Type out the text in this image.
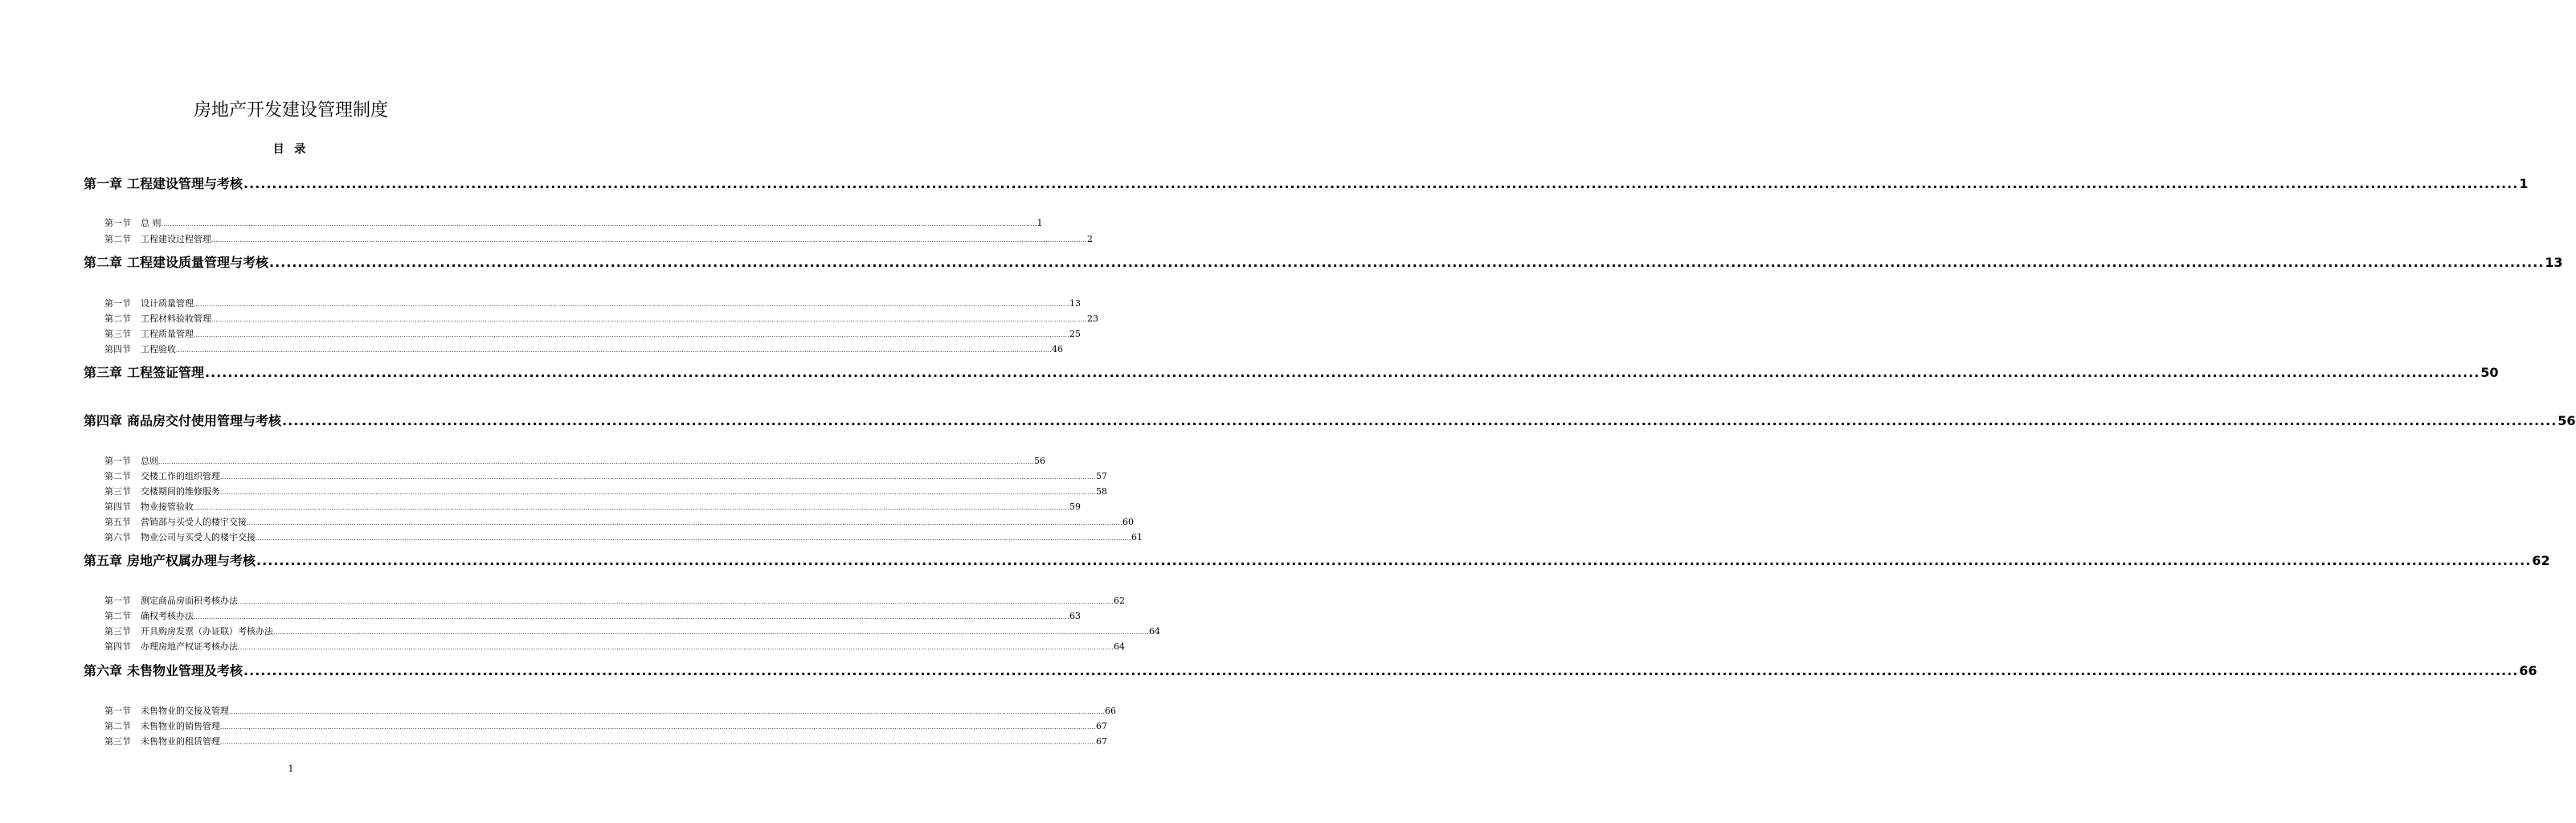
房地产开发建设管理制度
目 录
第一章 工程建设管理与考核 ................................................................................................................................................................................................................................................................................................................................................................................................................ 1
第一节	总 则 ................................................................................................................................................................................................................................................................................................................................................................................................................ 1
第二节	工程建设过程管理 ................................................................................................................................................................................................................................................................................................................................................................................................................ 2
第二章 工程建设质量管理与考核 ................................................................................................................................................................................................................................................................................................................................................................................................................ 13
第一节	设计质量管理 ................................................................................................................................................................................................................................................................................................................................................................................................................ 13
第二节	工程材料验收管理 ................................................................................................................................................................................................................................................................................................................................................................................................................ 23
第三节	工程质量管理 ................................................................................................................................................................................................................................................................................................................................................................................................................ 25
第四节	工程验收 ................................................................................................................................................................................................................................................................................................................................................................................................................ 46
第三章 工程签证管理 ................................................................................................................................................................................................................................................................................................................................................................................................................ 50
第四章 商品房交付使用管理与考核 ................................................................................................................................................................................................................................................................................................................................................................................................................ 56
第一节	总则 ................................................................................................................................................................................................................................................................................................................................................................................................................ 56
第二节	交楼工作的组织管理 ................................................................................................................................................................................................................................................................................................................................................................................................................ 57
第三节	交楼期间的维修服务 ................................................................................................................................................................................................................................................................................................................................................................................................................ 58
第四节	物业接管验收 ................................................................................................................................................................................................................................................................................................................................................................................................................ 59
第五节	营销部与买受人的楼宇交接 ................................................................................................................................................................................................................................................................................................................................................................................................................ 60
第六节	物业公司与买受人的楼宇交接 ................................................................................................................................................................................................................................................................................................................................................................................................................ 61
第五章 房地产权属办理与考核 ................................................................................................................................................................................................................................................................................................................................................................................................................ 62
第一节	测定商品房面积考核办法 ................................................................................................................................................................................................................................................................................................................................................................................................................ 62
第二节	确权考核办法 ................................................................................................................................................................................................................................................................................................................................................................................................................ 63
第三节	开具购房发票（办证联）考核办法 ................................................................................................................................................................................................................................................................................................................................................................................................................ 64
第四节	办理房地产权证考核办法 ................................................................................................................................................................................................................................................................................................................................................................................................................ 64
第六章 未售物业管理及考核 ................................................................................................................................................................................................................................................................................................................................................................................................................ 66
第一节	未售物业的交接及管理 ................................................................................................................................................................................................................................................................................................................................................................................................................ 66
第二节	未售物业的销售管理 ................................................................................................................................................................................................................................................................................................................................................................................................................ 67
第三节	未售物业的租赁管理 ................................................................................................................................................................................................................................................................................................................................................................................................................ 67
1
